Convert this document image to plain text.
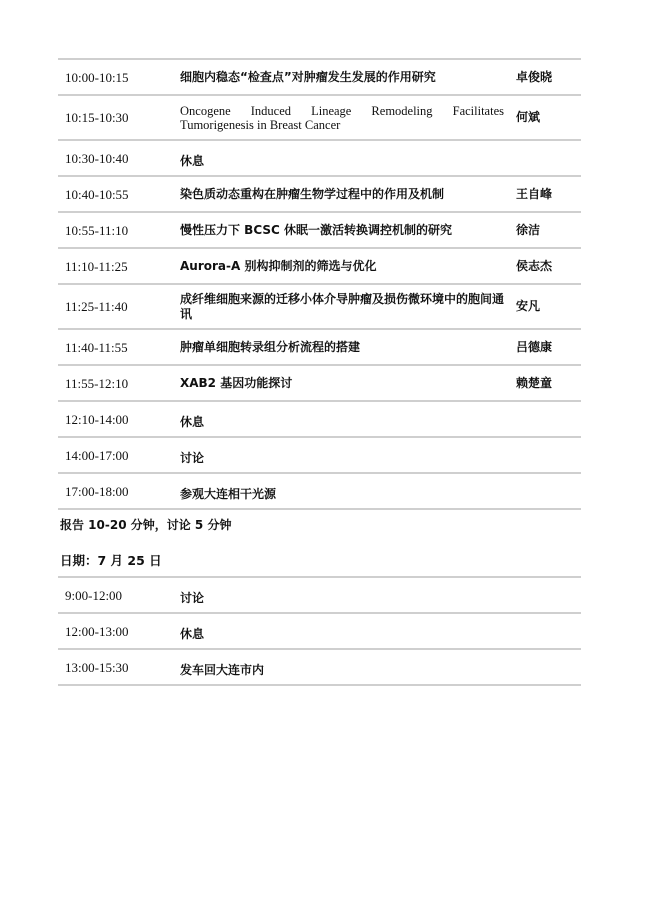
10:00-10:15	细胞内稳态“检查点”对肿瘤发生发展的作用研究	卓俊晓
10:15-10:30	Oncogene Induced Lineage Remodeling Facilitates Tumorigenesis in Breast Cancer	何斌
10:30-10:40	休息	
10:40-10:55	染色质动态重构在肿瘤生物学过程中的作用及机制	王自峰
10:55-11:10	慢性压力下 BCSC 休眠一激活转换调控机制的研究	徐洁
11:10-11:25	Aurora-A 别构抑制剂的筛选与优化	侯志杰
11:25-11:40	成纤维细胞来源的迁移小体介导肿瘤及损伤微环境中的胞间通讯	安凡
11:40-11:55	肿瘤单细胞转录组分析流程的搭建	吕德康
11:55-12:10	XAB2 基因功能探讨	赖楚童
12:10-14:00	休息	
14:00-17:00	讨论	
17:00-18:00	参观大连相干光源	
报告 10-20 分钟，讨论 5 分钟
日期：7 月 25 日
9:00-12:00	讨论	
12:00-13:00	休息	
13:00-15:30	发车回大连市内	
